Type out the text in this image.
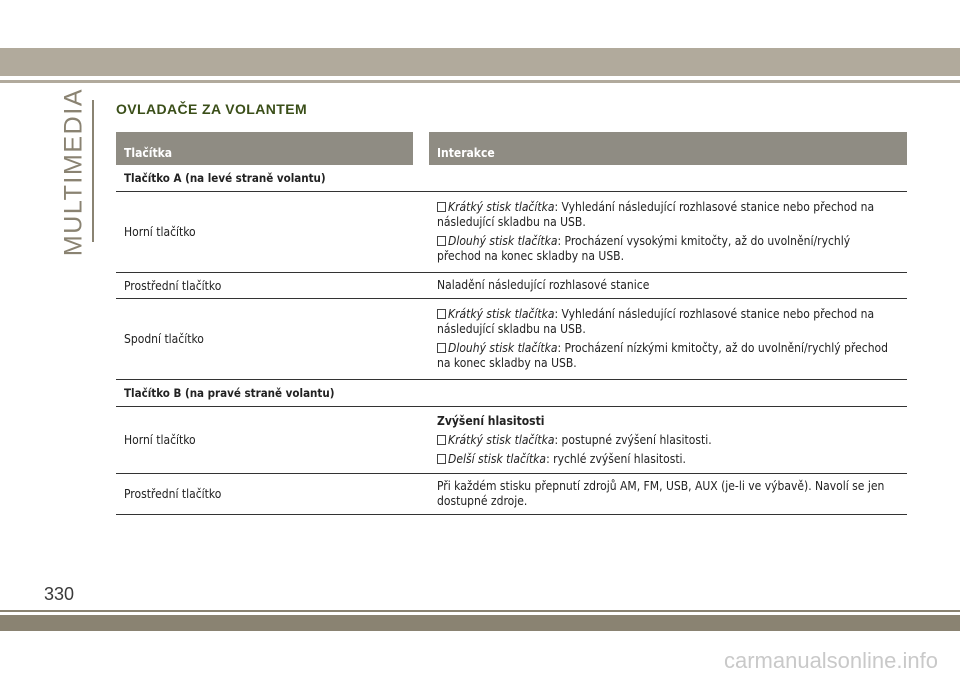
MULTIMEDIA OVLADAČE ZA VOLANTEM
Tlačítka	Interakce
Tlačítko A (na levé straně volantu)
Horní tlačítko

Krátký stisk tlačítka: Vyhledání následující rozhlasové stanice nebo přechod na následující skladbu na USB.

Dlouhý stisk tlačítka: Procházení vysokými kmitočty, až do uvolnění/rychlý přechod na konec skladby na USB.

Prostřední tlačítko	Naladění následující rozhlasové stanice
Spodní tlačítko

Krátký stisk tlačítka: Vyhledání následující rozhlasové stanice nebo přechod na následující skladbu na USB.

Dlouhý stisk tlačítka: Procházení nízkými kmitočty, až do uvolnění/rychlý přechod na konec skladby na USB.

Tlačítko B (na pravé straně volantu)
Horní tlačítko

Zvýšení hlasitosti

Krátký stisk tlačítka: postupné zvýšení hlasitosti.

Delší stisk tlačítka: rychlé zvýšení hlasitosti.

Prostřední tlačítko
Při každém stisku přepnutí zdrojů AM, FM, USB, AUX (je-li ve výbavě). Navolí se jen dostupné zdroje.
330
carmanualsonline.info
